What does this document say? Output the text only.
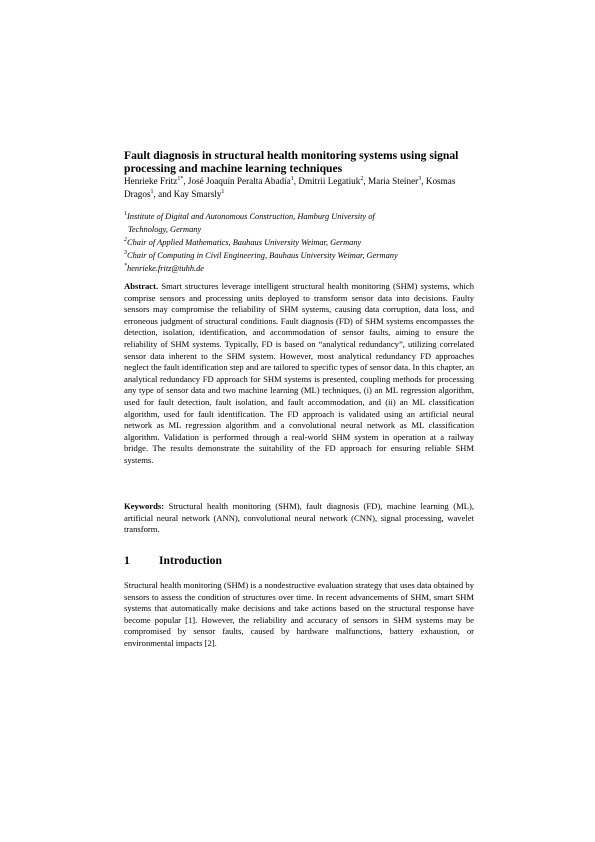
Fault diagnosis in structural health monitoring systems using signal processing and machine learning techniques

Henrieke Fritz$^{1*}$, José Joaquín Peralta Abadía$^1$, Dmitrii Legatiuk$^2$, Maria Steiner$^3$, Kosmas Dragos$^1$, and Kay Smarsly$^1$

$^1$Institute of Digital and Autonomous Construction, Hamburg University of
Technology, Germany
$^2$Chair of Applied Mathematics, Bauhaus University Weimar, Germany
$^3$Chair of Computing in Civil Engineering, Bauhaus University Weimar, Germany
*henrieke.fritz@tuhh.de

Abstract. Smart structures leverage intelligent structural health monitoring (SHM) systems, which comprise sensors and processing units deployed to transform sensor data into decisions. Faulty sensors may compromise the reliability of SHM systems, causing data corruption, data loss, and erroneous judgment of structural conditions. Fault diagnosis (FD) of SHM systems encompasses the detection, isolation, identification, and accommodation of sensor faults, aiming to ensure the reliability of SHM systems. Typically, FD is based on “analytical redundancy”, utilizing correlated sensor data inherent to the SHM system. However, most analytical redundancy FD approaches neglect the fault identification step and are tailored to specific types of sensor data. In this chapter, an analytical redundancy FD approach for SHM systems is presented, coupling methods for processing any type of sensor data and two machine learning (ML) techniques, (i) an ML regression algorithm, used for fault detection, fault isolation, and fault accommodation, and (ii) an ML classification algorithm, used for fault identification. The FD approach is validated using an artificial neural network as ML regression algorithm and a convolutional neural network as ML classification algorithm. Validation is performed through a real-world SHM system in operation at a railway bridge. The results demonstrate the suitability of the FD approach for ensuring reliable SHM systems.

Keywords: Structural health monitoring (SHM), fault diagnosis (FD), machine learning (ML), artificial neural network (ANN), convolutional neural network (CNN), signal processing, wavelet transform.

1	Introduction

Structural health monitoring (SHM) is a nondestructive evaluation strategy that uses data obtained by sensors to assess the condition of structures over time. In recent advancements of SHM, smart SHM systems that automatically make decisions and take actions based on the structural response have become popular [1]. However, the reliability and accuracy of sensors in SHM systems may be compromised by sensor faults, caused by hardware malfunctions, battery exhaustion, or environmental impacts [2].
